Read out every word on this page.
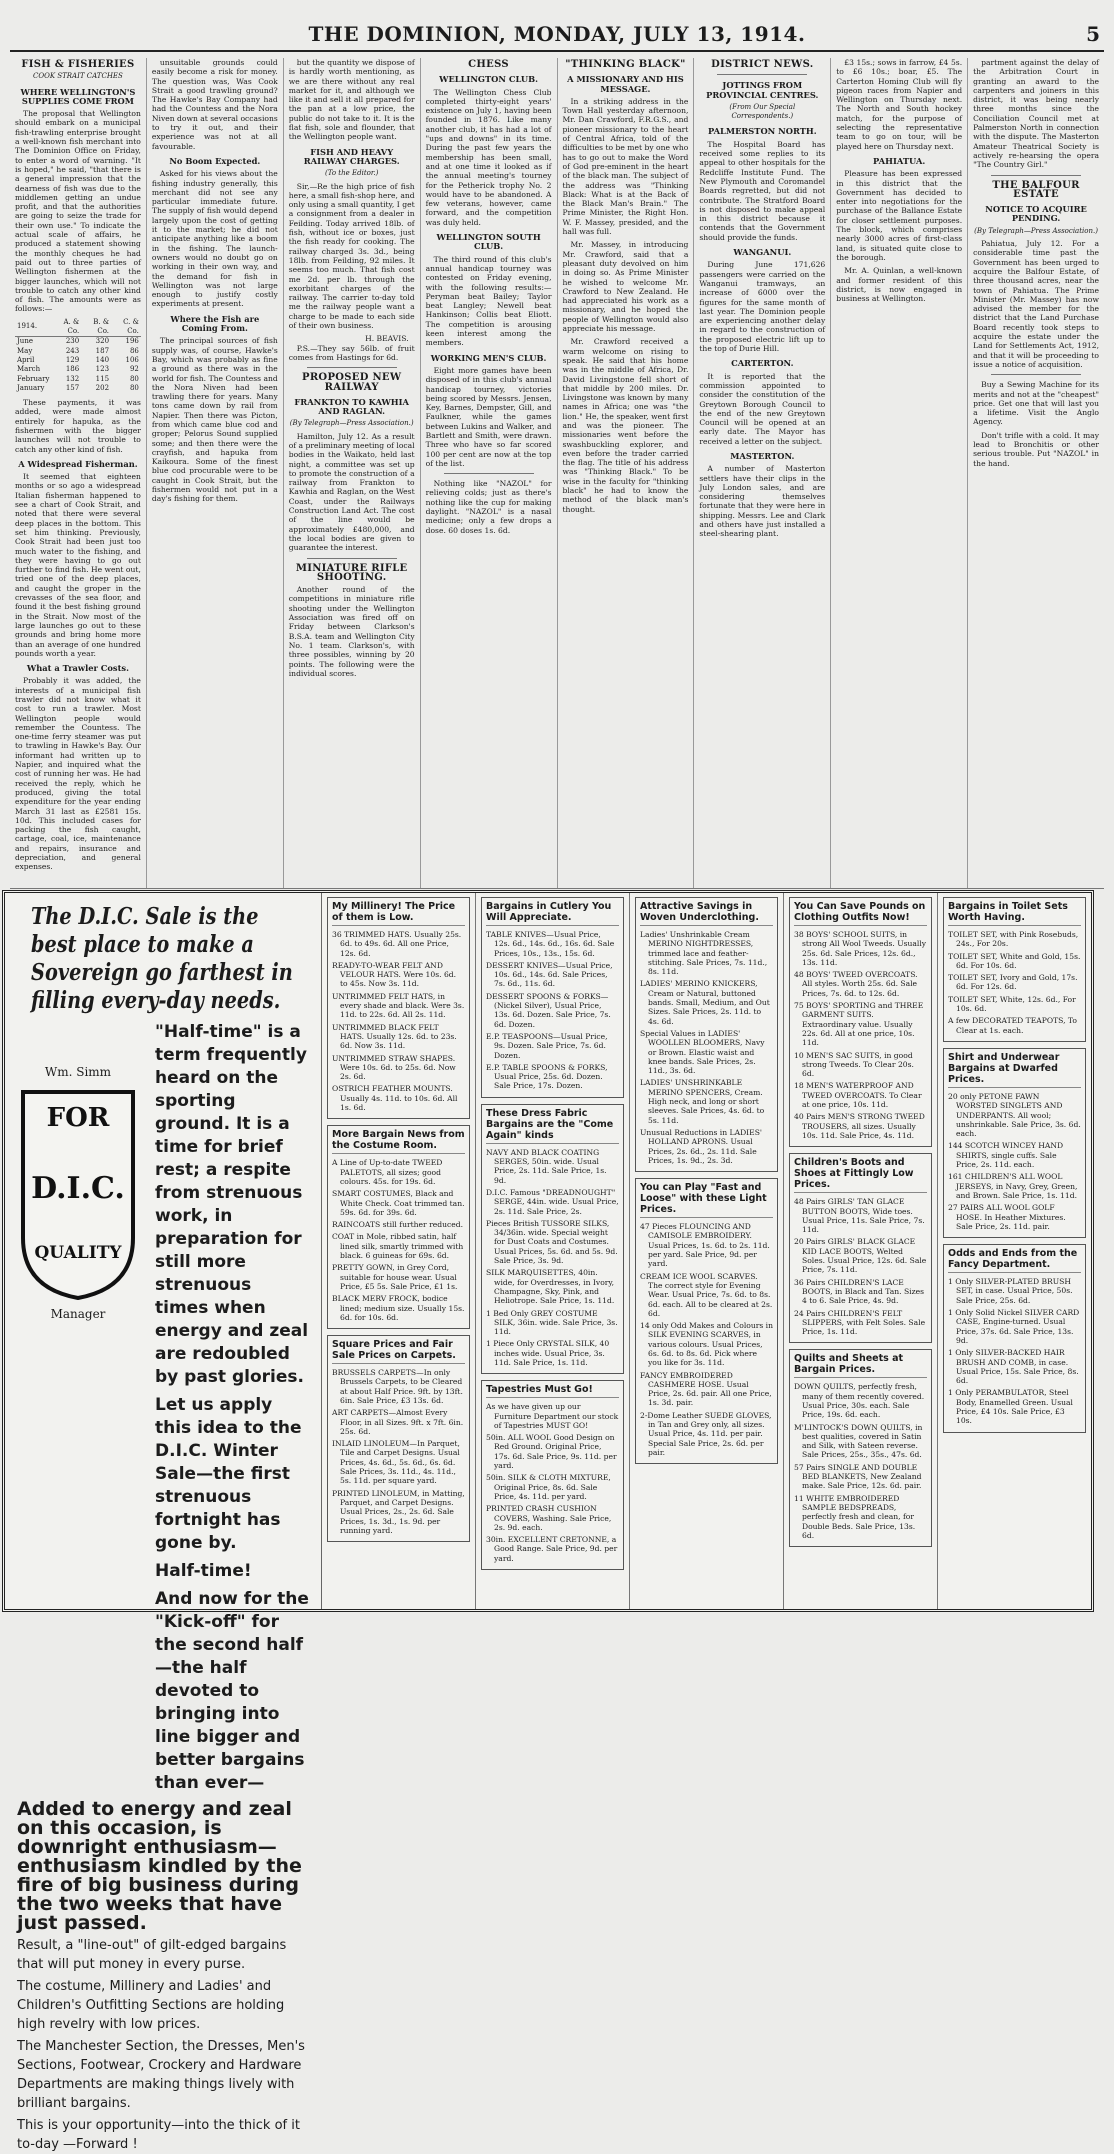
THE DOMINION, MONDAY, JULY 13, 1914.	5
FISH & FISHERIES
COOK STRAIT CATCHES
WHERE WELLINGTON'S SUPPLIES COME FROM

The proposal that Wellington should embark on a municipal fish-trawling enterprise brought a well-known fish merchant into The Dominion Office on Friday, to enter a word of warning. "It is hoped," he said, "that there is a general impression that the dearness of fish was due to the middlemen getting an undue profit, and that the authorities are going to seize the trade for their own use." To indicate the actual scale of affairs, he produced a statement showing the monthly cheques he had paid out to three parties of Wellington fishermen at the bigger launches, which will not trouble to catch any other kind of fish. The amounts were as follows:—

1914.	A. & Co.	B. & Co.	C. & Co.
June	230	320	196
May	243	187	86
April	129	140	106
March	186	123	92
February	132	115	80
January	157	202	80

These payments, it was added, were made almost entirely for hapuka, as the fishermen with the bigger launches will not trouble to catch any other kind of fish.

A Widespread Fisherman.

It seemed that eighteen months or so ago a widespread Italian fisherman happened to see a chart of Cook Strait, and noted that there were several deep places in the bottom. This set him thinking. Previously, Cook Strait had been just too much water to the fishing, and they were having to go out further to find fish. He went out, tried one of the deep places, and caught the groper in the crevasses of the sea floor, and found it the best fishing ground in the Strait. Now most of the large launches go out to these grounds and bring home more than an average of one hundred pounds worth a year.

What a Trawler Costs.

Probably it was added, the interests of a municipal fish trawler did not know what it cost to run a trawler. Most Wellington people would remember the Countess. The one-time ferry steamer was put to trawling in Hawke's Bay. Our informant had written up to Napier, and inquired what the cost of running her was. He had received the reply, which he produced, giving the total expenditure for the year ending March 31 last as £2581 15s. 10d. This included cases for packing the fish caught, cartage, coal, ice, maintenance and repairs, insurance and depreciation, and general expenses.

unsuitable grounds could easily become a risk for money. The question was, Was Cook Strait a good trawling ground? The Hawke's Bay Company had had the Countess and the Nora Niven down at several occasions to try it out, and their experience was not at all favourable.

No Boom Expected.

Asked for his views about the fishing industry generally, this merchant did not see any particular immediate future. The supply of fish would depend largely upon the cost of getting it to the market; he did not anticipate anything like a boom in the fishing. The launch-owners would no doubt go on working in their own way, and the demand for fish in Wellington was not large enough to justify costly experiments at present.

Where the Fish are Coming From.

The principal sources of fish supply was, of course, Hawke's Bay, which was probably as fine a ground as there was in the world for fish. The Countess and the Nora Niven had been trawling there for years. Many tons came down by rail from Napier. Then there was Picton, from which came blue cod and groper; Pelorus Sound supplied some; and then there were the crayfish, and hapuka from Kaikoura. Some of the finest blue cod procurable were to be caught in Cook Strait, but the fishermen would not put in a day's fishing for them.

but the quantity we dispose of is hardly worth mentioning, as we are there without any real market for it, and although we like it and sell it all prepared for the pan at a low price, the public do not take to it. It is the flat fish, sole and flounder, that the Wellington people want.

FISH AND HEAVY RAILWAY CHARGES.
(To the Editor.)

Sir,—Re the high price of fish here, a small fish-shop here, and only using a small quantity, I get a consignment from a dealer in Feilding. Today arrived 18lb. of fish, without ice or boxes, just the fish ready for cooking. The railway charged 3s. 3d., being 18lb. from Feilding, 92 miles. It seems too much. That fish cost me 2d. per lb. through the exorbitant charges of the railway. The carrier to-day told me the railway people want a charge to be made to each side of their own business.

H. BEAVIS.

P.S.—They say 56lb. of fruit comes from Hastings for 6d.

PROPOSED NEW RAILWAY
FRANKTON TO KAWHIA AND RAGLAN.
(By Telegraph—Press Association.)

Hamilton, July 12. As a result of a preliminary meeting of local bodies in the Waikato, held last night, a committee was set up to promote the construction of a railway from Frankton to Kawhia and Raglan, on the West Coast, under the Railways Construction Land Act. The cost of the line would be approximately £480,000, and the local bodies are given to guarantee the interest.

MINIATURE RIFLE SHOOTING.

Another round of the competitions in miniature rifle shooting under the Wellington Association was fired off on Friday between Clarkson's B.S.A. team and Wellington City No. 1 team. Clarkson's, with three possibles, winning by 20 points. The following were the individual scores.

CHESS
WELLINGTON CLUB.

The Wellington Chess Club completed thirty-eight years' existence on July 1, having been founded in 1876. Like many another club, it has had a lot of "ups and downs" in its time. During the past few years the membership has been small, and at one time it looked as if the annual meeting's tourney for the Petherick trophy No. 2 would have to be abandoned. A few veterans, however, came forward, and the competition was duly held.

WELLINGTON SOUTH CLUB.

The third round of this club's annual handicap tourney was contested on Friday evening, with the following results:— Peryman beat Bailey; Taylor beat Langley; Newell beat Hankinson; Collis beat Eliott. The competition is arousing keen interest among the members.

WORKING MEN'S CLUB.

Eight more games have been disposed of in this club's annual handicap tourney, victories being scored by Messrs. Jensen, Key, Barnes, Dempster, Gill, and Faulkner, while the games between Lukins and Walker, and Bartlett and Smith, were drawn. Three who have so far scored 100 per cent are now at the top of the list.

Nothing like "NAZOL" for relieving colds; just as there's nothing like the cup for making daylight. "NAZOL" is a nasal medicine; only a few drops a dose. 60 doses 1s. 6d.

"THINKING BLACK"
A MISSIONARY AND HIS MESSAGE.

In a striking address in the Town Hall yesterday afternoon, Mr. Dan Crawford, F.R.G.S., and pioneer missionary to the heart of Central Africa, told of the difficulties to be met by one who has to go out to make the Word of God pre-eminent in the heart of the black man. The subject of the address was "Thinking Black: What is at the Back of the Black Man's Brain." The Prime Minister, the Right Hon. W. F. Massey, presided, and the hall was full.

Mr. Massey, in introducing Mr. Crawford, said that a pleasant duty devolved on him in doing so. As Prime Minister he wished to welcome Mr. Crawford to New Zealand. He had appreciated his work as a missionary, and he hoped the people of Wellington would also appreciate his message.

Mr. Crawford received a warm welcome on rising to speak. He said that his home was in the middle of Africa, Dr. David Livingstone fell short of that middle by 200 miles. Dr. Livingstone was known by many names in Africa; one was "the lion." He, the speaker, went first and was the pioneer. The missionaries went before the swashbuckling explorer, and even before the trader carried the flag. The title of his address was "Thinking Black." To be wise in the faculty for "thinking black" he had to know the method of the black man's thought.

DISTRICT NEWS.
JOTTINGS FROM PROVINCIAL CENTRES.
(From Our Special Correspondents.)
PALMERSTON NORTH.

The Hospital Board has received some replies to its appeal to other hospitals for the Redcliffe Institute Fund. The New Plymouth and Coromandel Boards regretted, but did not contribute. The Stratford Board is not disposed to make appeal in this district because it contends that the Government should provide the funds.

WANGANUI.

During June 171,626 passengers were carried on the Wanganui tramways, an increase of 6000 over the figures for the same month of last year. The Dominion people are experiencing another delay in regard to the construction of the proposed electric lift up to the top of Durie Hill.

CARTERTON.

It is reported that the commission appointed to consider the constitution of the Greytown Borough Council to the end of the new Greytown Council will be opened at an early date. The Mayor has received a letter on the subject.

MASTERTON.

A number of Masterton settlers have their clips in the July London sales, and are considering themselves fortunate that they were here in shipping. Messrs. Lee and Clark and others have just installed a steel-shearing plant.

£3 15s.; sows in farrow, £4 5s. to £6 10s.; boar, £5. The Carterton Homing Club will fly pigeon races from Napier and Wellington on Thursday next. The North and South hockey match, for the purpose of selecting the representative team to go on tour, will be played here on Thursday next.

PAHIATUA.

Pleasure has been expressed in this district that the Government has decided to enter into negotiations for the purchase of the Ballance Estate for closer settlement purposes. The block, which comprises nearly 3000 acres of first-class land, is situated quite close to the borough.

Mr. A. Quinlan, a well-known and former resident of this district, is now engaged in business at Wellington.

partment against the delay of the Arbitration Court in granting an award to the carpenters and joiners in this district, it was being nearly three months since the Conciliation Council met at Palmerston North in connection with the dispute. The Masterton Amateur Theatrical Society is actively re-hearsing the opera "The Country Girl."

THE BALFOUR ESTATE
NOTICE TO ACQUIRE PENDING.
(By Telegraph—Press Association.)

Pahiatua, July 12. For a considerable time past the Government has been urged to acquire the Balfour Estate, of three thousand acres, near the town of Pahiatua. The Prime Minister (Mr. Massey) has now advised the member for the district that the Land Purchase Board recently took steps to acquire the estate under the Land for Settlements Act, 1912, and that it will be proceeding to issue a notice of acquisition.

Buy a Sewing Machine for its merits and not at the "cheapest" price. Get one that will last you a lifetime. Visit the Anglo Agency.

Don't trifle with a cold. It may lead to Bronchitis or other serious trouble. Put "NAZOL" in the hand.

The D.I.C. Sale is the best place to make a Sovereign go farthest in filling every-day needs.
Wm. Simm
FOR
D.I.C.
QUALITY
Manager

"Half-time" is a term frequently heard on the sporting ground. It is a time for brief rest; a respite from strenuous work, in preparation for still more strenuous times when energy and zeal are redoubled by past glories.

Let us apply this idea to the D.I.C. Winter Sale—the first strenuous fortnight has gone by.

Half-time!

And now for the "Kick-off" for the second half—the half devoted to bringing into line bigger and better bargains than ever—

Added to energy and zeal on this occasion, is downright enthusiasm—enthusiasm kindled by the fire of big business during the two weeks that have just passed.

Result, a "line-out" of gilt-edged bargains that will put money in every purse.

The costume, Millinery and Ladies' and Children's Outfitting Sections are holding high revelry with low prices.

The Manchester Section, the Dresses, Men's Sections, Footwear, Crockery and Hardware Departments are making things lively with brilliant bargains.

This is your opportunity—into the thick of it to-day —Forward !

My Millinery! The Price of them is Low.
36 TRIMMED HATS. Usually 25s. 6d. to 49s. 6d. All one Price, 12s. 6d.
READY-TO-WEAR FELT AND VELOUR HATS. Were 10s. 6d. to 45s. Now 3s. 11d.
UNTRIMMED FELT HATS, in every shade and black. Were 3s. 11d. to 22s. 6d. All 2s. 11d.
UNTRIMMED BLACK FELT HATS. Usually 12s. 6d. to 23s. 6d. Now 3s. 11d.
UNTRIMMED STRAW SHAPES. Were 10s. 6d. to 25s. 6d. Now 2s. 6d.
OSTRICH FEATHER MOUNTS. Usually 4s. 11d. to 10s. 6d. All 1s. 6d.
More Bargain News from the Costume Room.
A Line of Up-to-date TWEED PALETOTS, all sizes; good colours. 45s. for 19s. 6d.
SMART COSTUMES, Black and White Check. Coat trimmed tan. 59s. 6d. for 39s. 6d.
RAINCOATS still further reduced.
COAT in Mole, ribbed satin, half lined silk, smartly trimmed with black. 6 guineas for 69s. 6d.
PRETTY GOWN, in Grey Cord, suitable for house wear. Usual Price, £5 5s. Sale Price, £1 1s.
BLACK MERV FROCK, bodice lined; medium size. Usually 15s. 6d. for 10s. 6d.
Square Prices and Fair Sale Prices on Carpets.
BRUSSELS CARPETS—In only Brussels Carpets, to be Cleared at about Half Price. 9ft. by 13ft. 6in. Sale Price, £3 13s. 6d.
ART CARPETS—Almost Every Floor, in all Sizes. 9ft. x 7ft. 6in. 25s. 6d.
INLAID LINOLEUM—In Parquet, Tile and Carpet Designs. Usual Prices, 4s. 6d., 5s. 6d., 6s. 6d. Sale Prices, 3s. 11d., 4s. 11d., 5s. 11d. per square yard.
PRINTED LINOLEUM, in Matting, Parquet, and Carpet Designs. Usual Prices, 2s., 2s. 6d. Sale Prices, 1s. 3d., 1s. 9d. per running yard.
Bargains in Cutlery You Will Appreciate.
TABLE KNIVES—Usual Price, 12s. 6d., 14s. 6d., 16s. 6d. Sale Prices, 10s., 13s., 15s. 6d.
DESSERT KNIVES—Usual Price, 10s. 6d., 14s. 6d. Sale Prices, 7s. 6d., 11s. 6d.
DESSERT SPOONS & FORKS—(Nickel Silver), Usual Price, 13s. 6d. Dozen. Sale Price, 7s. 6d. Dozen.
E.P. TEASPOONS—Usual Price, 9s. Dozen. Sale Price, 7s. 6d. Dozen.
E.P. TABLE SPOONS & FORKS, Usual Price, 25s. 6d. Dozen. Sale Price, 17s. Dozen.
These Dress Fabric Bargains are the "Come Again" kinds
NAVY AND BLACK COATING SERGES, 50in. wide. Usual Price, 2s. 11d. Sale Price, 1s. 9d.
D.I.C. Famous "DREADNOUGHT" SERGE, 44in. wide. Usual Price, 2s. 11d. Sale Price, 2s.
Pieces British TUSSORE SILKS, 34/36in. wide. Special weight for Dust Coats and Costumes. Usual Prices, 5s. 6d. and 5s. 9d. Sale Price, 3s. 9d.
SILK MARQUISETTES, 40in. wide, for Overdresses, in Ivory, Champagne, Sky, Pink, and Heliotrope. Sale Price, 1s. 11d.
1 Bed Only GREY COSTUME SILK, 36in. wide. Sale Price, 3s. 11d.
1 Piece Only CRYSTAL SILK, 40 inches wide. Usual Price, 3s. 11d. Sale Price, 1s. 11d.
Tapestries Must Go!
As we have given up our Furniture Department our stock of Tapestries MUST GO!
50in. ALL WOOL Good Design on Red Ground. Original Price, 17s. 6d. Sale Price, 9s. 11d. per yard.
50in. SILK & CLOTH MIXTURE, Original Price, 8s. 6d. Sale Price, 4s. 11d. per yard.
PRINTED CRASH CUSHION COVERS, Washing. Sale Price, 2s. 9d. each.
30in. EXCELLENT CRETONNE, a Good Range. Sale Price, 9d. per yard.
Attractive Savings in Woven Underclothing.
Ladies' Unshrinkable Cream MERINO NIGHTDRESSES, trimmed lace and feather-stitching. Sale Prices, 7s. 11d., 8s. 11d.
LADIES' MERINO KNICKERS, Cream or Natural, buttoned bands. Small, Medium, and Out Sizes. Sale Prices, 2s. 11d. to 4s. 6d.
Special Values in LADIES' WOOLLEN BLOOMERS, Navy or Brown. Elastic waist and knee bands. Sale Prices, 2s. 11d., 3s. 6d.
LADIES' UNSHRINKABLE MERINO SPENCERS, Cream. High neck, and long or short sleeves. Sale Prices, 4s. 6d. to 5s. 11d.
Unusual Reductions in LADIES' HOLLAND APRONS. Usual Prices, 2s. 6d., 2s. 11d. Sale Prices, 1s. 9d., 2s. 3d.
You can Play "Fast and Loose" with these Light Prices.
47 Pieces FLOUNCING AND CAMISOLE EMBROIDERY. Usual Prices, 1s. 6d. to 2s. 11d. per yard. Sale Price, 9d. per yard.
CREAM ICE WOOL SCARVES. The correct style for Evening Wear. Usual Price, 7s. 6d. to 8s. 6d. each. All to be cleared at 2s. 6d.
14 only Odd Makes and Colours in SILK EVENING SCARVES, in various colours. Usual Prices, 6s. 6d. to 8s. 6d. Pick where you like for 3s. 11d.
FANCY EMBROIDERED CASHMERE HOSE. Usual Price, 2s. 6d. pair. All one Price, 1s. 3d. pair.
2-Dome Leather SUEDE GLOVES, in Tan and Grey only, all sizes. Usual Price, 4s. 11d. per pair. Special Sale Price, 2s. 6d. per pair.
You Can Save Pounds on Clothing Outfits Now!
38 BOYS' SCHOOL SUITS, in strong All Wool Tweeds. Usually 25s. 6d. Sale Prices, 12s. 6d., 13s. 11d.
48 BOYS' TWEED OVERCOATS. All styles. Worth 25s. 6d. Sale Prices, 7s. 6d. to 12s. 6d.
75 BOYS' SPORTING and THREE GARMENT SUITS. Extraordinary value. Usually 22s. 6d. All at one price, 10s. 11d.
10 MEN'S SAC SUITS, in good strong Tweeds. To Clear 20s. 6d.
18 MEN'S WATERPROOF AND TWEED OVERCOATS. To Clear at one price, 10s. 11d.
40 Pairs MEN'S STRONG TWEED TROUSERS, all sizes. Usually 10s. 11d. Sale Price, 4s. 11d.
Children's Boots and Shoes at Fittingly Low Prices.
48 Pairs GIRLS' TAN GLACE BUTTON BOOTS, Wide toes. Usual Price, 11s. Sale Price, 7s. 11d.
20 Pairs GIRLS' BLACK GLACE KID LACE BOOTS, Welted Soles. Usual Price, 12s. 6d. Sale Price, 7s. 11d.
36 Pairs CHILDREN'S LACE BOOTS, in Black and Tan. Sizes 4 to 6. Sale Price, 4s. 9d.
24 Pairs CHILDREN'S FELT SLIPPERS, with Felt Soles. Sale Price, 1s. 11d.
Quilts and Sheets at Bargain Prices.
DOWN QUILTS, perfectly fresh, many of them recently covered. Usual Price, 30s. each. Sale Price, 19s. 6d. each.
M'LINTOCK'S DOWN QUILTS, in best qualities, covered in Satin and Silk, with Sateen reverse. Sale Prices, 25s., 35s., 47s. 6d.
57 Pairs SINGLE AND DOUBLE BED BLANKETS, New Zealand make. Sale Price, 12s. 6d. pair.
11 WHITE EMBROIDERED SAMPLE BEDSPREADS, perfectly fresh and clean, for Double Beds. Sale Price, 13s. 6d.
Bargains in Toilet Sets Worth Having.
TOILET SET, with Pink Rosebuds, 24s., For 20s.
TOILET SET, White and Gold, 15s. 6d. For 10s. 6d.
TOILET SET, Ivory and Gold, 17s. 6d. For 12s. 6d.
TOILET SET, White, 12s. 6d., For 10s. 6d.
A few DECORATED TEAPOTS, To Clear at 1s. each.
Shirt and Underwear Bargains at Dwarfed Prices.
20 only PETONE FAWN WORSTED SINGLETS AND UNDERPANTS. All wool; unshrinkable. Sale Price, 3s. 6d. each.
144 SCOTCH WINCEY HAND SHIRTS, single cuffs. Sale Price, 2s. 11d. each.
161 CHILDREN'S ALL WOOL JERSEYS, in Navy, Grey, Green, and Brown. Sale Price, 1s. 11d.
27 PAIRS ALL WOOL GOLF HOSE. In Heather Mixtures. Sale Price, 2s. 11d. pair.
Odds and Ends from the Fancy Department.
1 Only SILVER-PLATED BRUSH SET, in case. Usual Price, 50s. Sale Price, 25s. 6d.
1 Only Solid Nickel SILVER CARD CASE, Engine-turned. Usual Price, 37s. 6d. Sale Price, 13s. 9d.
1 Only SILVER-BACKED HAIR BRUSH AND COMB, in case. Usual Price, 15s. Sale Price, 8s. 6d.
1 Only PERAMBULATOR, Steel Body, Enamelled Green. Usual Price, £4 10s. Sale Price, £3 10s.
